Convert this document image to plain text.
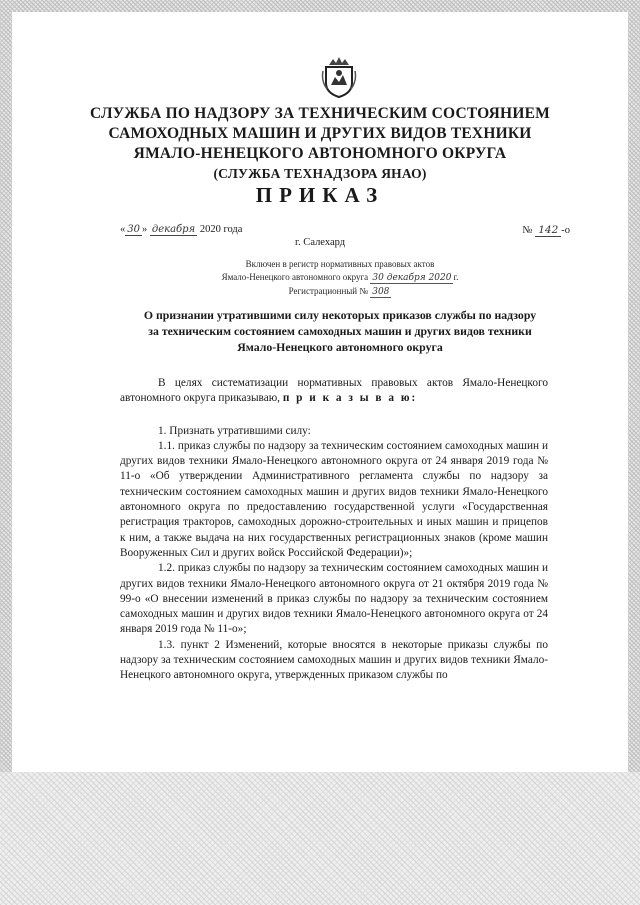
СЛУЖБА ПО НАДЗОРУ ЗА ТЕХНИЧЕСКИМ СОСТОЯНИЕМ
САМОХОДНЫХ МАШИН И ДРУГИХ ВИДОВ ТЕХНИКИ
ЯМАЛО-НЕНЕЦКОГО АВТОНОМНОГО ОКРУГА
(СЛУЖБА ТЕХНАДЗОРА ЯНАО)
ПРИКАЗ
« 30 » декабря 2020 года	№ 142 -о
г. Салехард
Включен в регистр нормативных правовых актов
Ямало-Ненецкого автономного округа 30 декабря 2020 г.
Регистрационный № 308
О признании утратившими силу некоторых приказов службы по надзору
за техническим состоянием самоходных машин и других видов техники
Ямало-Ненецкого автономного округа

В целях систематизации нормативных правовых актов Ямало-Ненецкого автономного округа приказываю, п р и к а з ы в а ю:

1. Признать утратившими силу:

1.1. приказ службы по надзору за техническим состоянием самоходных машин и других видов техники Ямало-Ненецкого автономного округа от 24 января 2019 года № 11-о «Об утверждении Административного регламента службы по надзору за техническим состоянием самоходных машин и других видов техники Ямало-Ненецкого автономного округа по предоставлению государственной услуги «Государственная регистрация тракторов, самоходных дорожно-строительных и иных машин и прицепов к ним, а также выдача на них государственных регистрационных знаков (кроме машин Вооруженных Сил и других войск Российской Федерации)»;

1.2. приказ службы по надзору за техническим состоянием самоходных машин и других видов техники Ямало-Ненецкого автономного округа от 21 октября 2019 года № 99-о «О внесении изменений в приказ службы по надзору за техническим состоянием самоходных машин и других видов техники Ямало-Ненецкого автономного округа от 24 января 2019 года № 11-о»;

1.3. пункт 2 Изменений, которые вносятся в некоторые приказы службы по надзору за техническим состоянием самоходных машин и других видов техники Ямало-Ненецкого автономного округа, утвержденных приказом службы по
